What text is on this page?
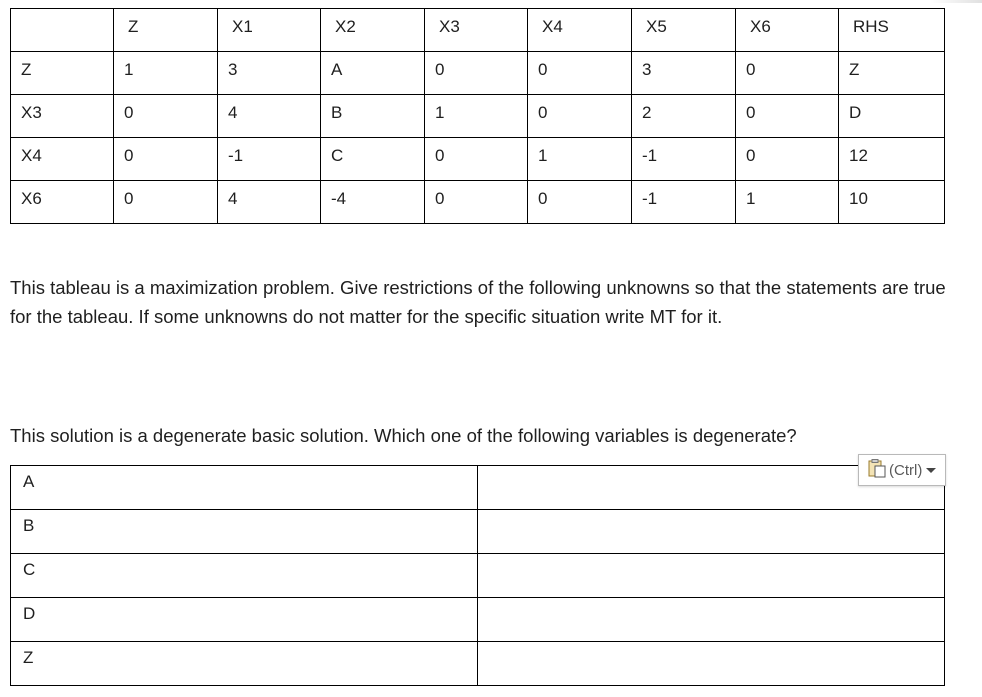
	Z	X1	X2	X3	X4	X5	X6	RHS
Z	1	3	A	0	0	3	0	Z
X3	0	4	B	1	0	2	0	D
X4	0	-1	C	0	1	-1	0	12
X6	0	4	-4	0	0	-1	1	10

This tableau is a maximization problem. Give restrictions of the following unknowns so that the statements are true for the tableau. If some unknowns do not matter for the specific situation write MT for it.

This solution is a degenerate basic solution. Which one of the following variables is degenerate?

A	
B	
C	
D	
Z	
(Ctrl)
